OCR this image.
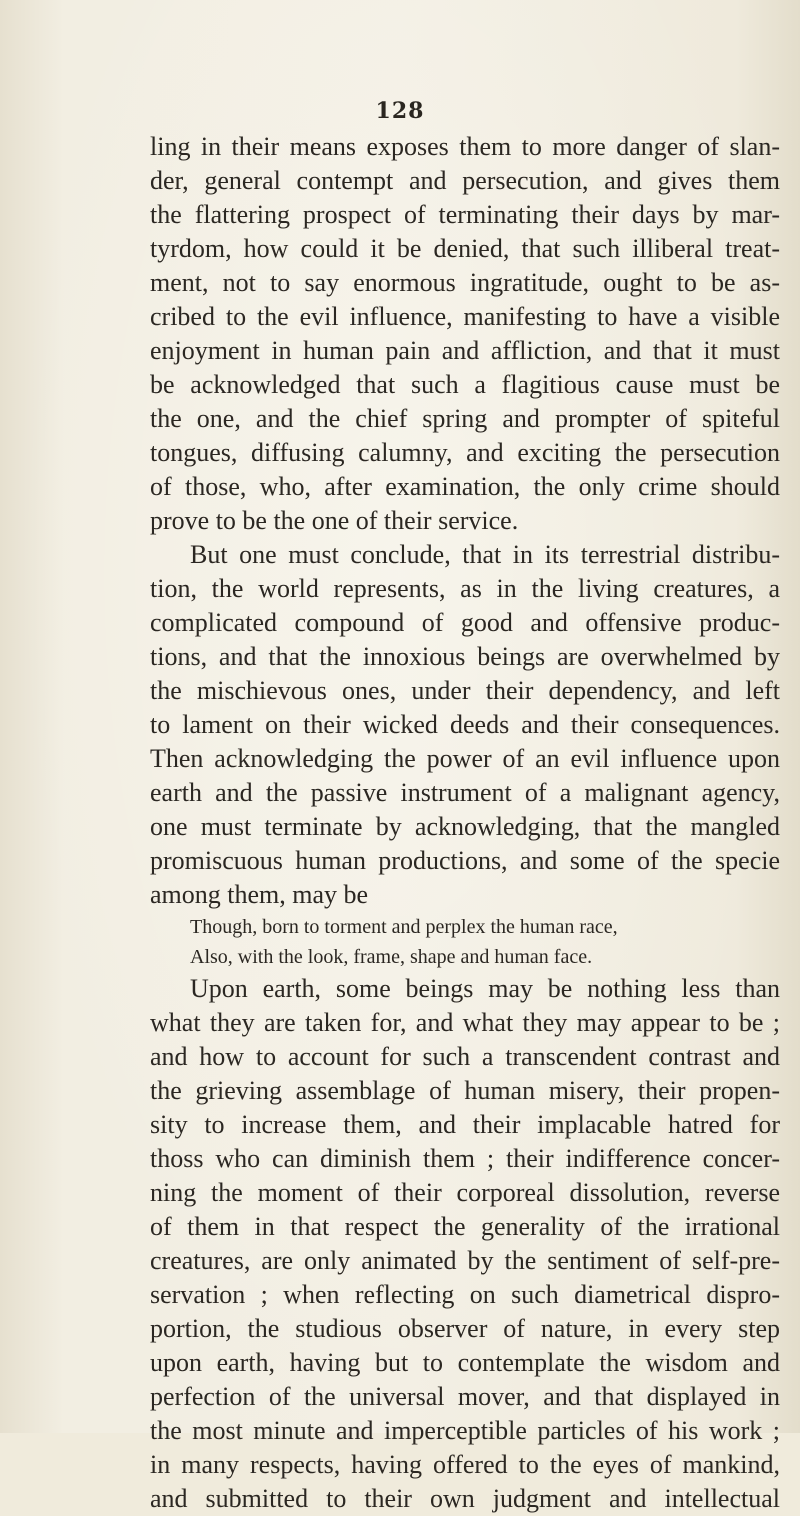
128
ling in their means exposes them to more danger of slan-
der, general contempt and persecution, and gives them
the flattering prospect of terminating their days by mar-
tyrdom, how could it be denied, that such illiberal treat-
ment, not to say enormous ingratitude, ought to be as-
cribed to the evil influence, manifesting to have a visible
enjoyment in human pain and affliction, and that it must
be acknowledged that such a flagitious cause must be
the one, and the chief spring and prompter of spiteful
tongues, diffusing calumny, and exciting the persecution
of those, who, after examination, the only crime should
prove to be the one of their service.
But one must conclude, that in its terrestrial distribu-
tion, the world represents, as in the living creatures, a
complicated compound of good and offensive produc-
tions, and that the innoxious beings are overwhelmed by
the mischievous ones, under their dependency, and left
to lament on their wicked deeds and their consequences.
Then acknowledging the power of an evil influence upon
earth and the passive instrument of a malignant agency,
one must terminate by acknowledging, that the mangled
promiscuous human productions, and some of the specie
among them, may be
Though, born to torment and perplex the human race,
Also, with the look, frame, shape and human face.
Upon earth, some beings may be nothing less than
what they are taken for, and what they may appear to be ;
and how to account for such a transcendent contrast and
the grieving assemblage of human misery, their propen-
sity to increase them, and their implacable hatred for
thoss who can diminish them ; their indifference concer-
ning the moment of their corporeal dissolution, reverse
of them in that respect the generality of the irrational
creatures, are only animated by the sentiment of self-pre-
servation ; when reflecting on such diametrical dispro-
portion, the studious observer of nature, in every step
upon earth, having but to contemplate the wisdom and
perfection of the universal mover, and that displayed in
the most minute and imperceptible particles of his work ;
in many respects, having offered to the eyes of mankind,
and submitted to their own judgment and intellectual
